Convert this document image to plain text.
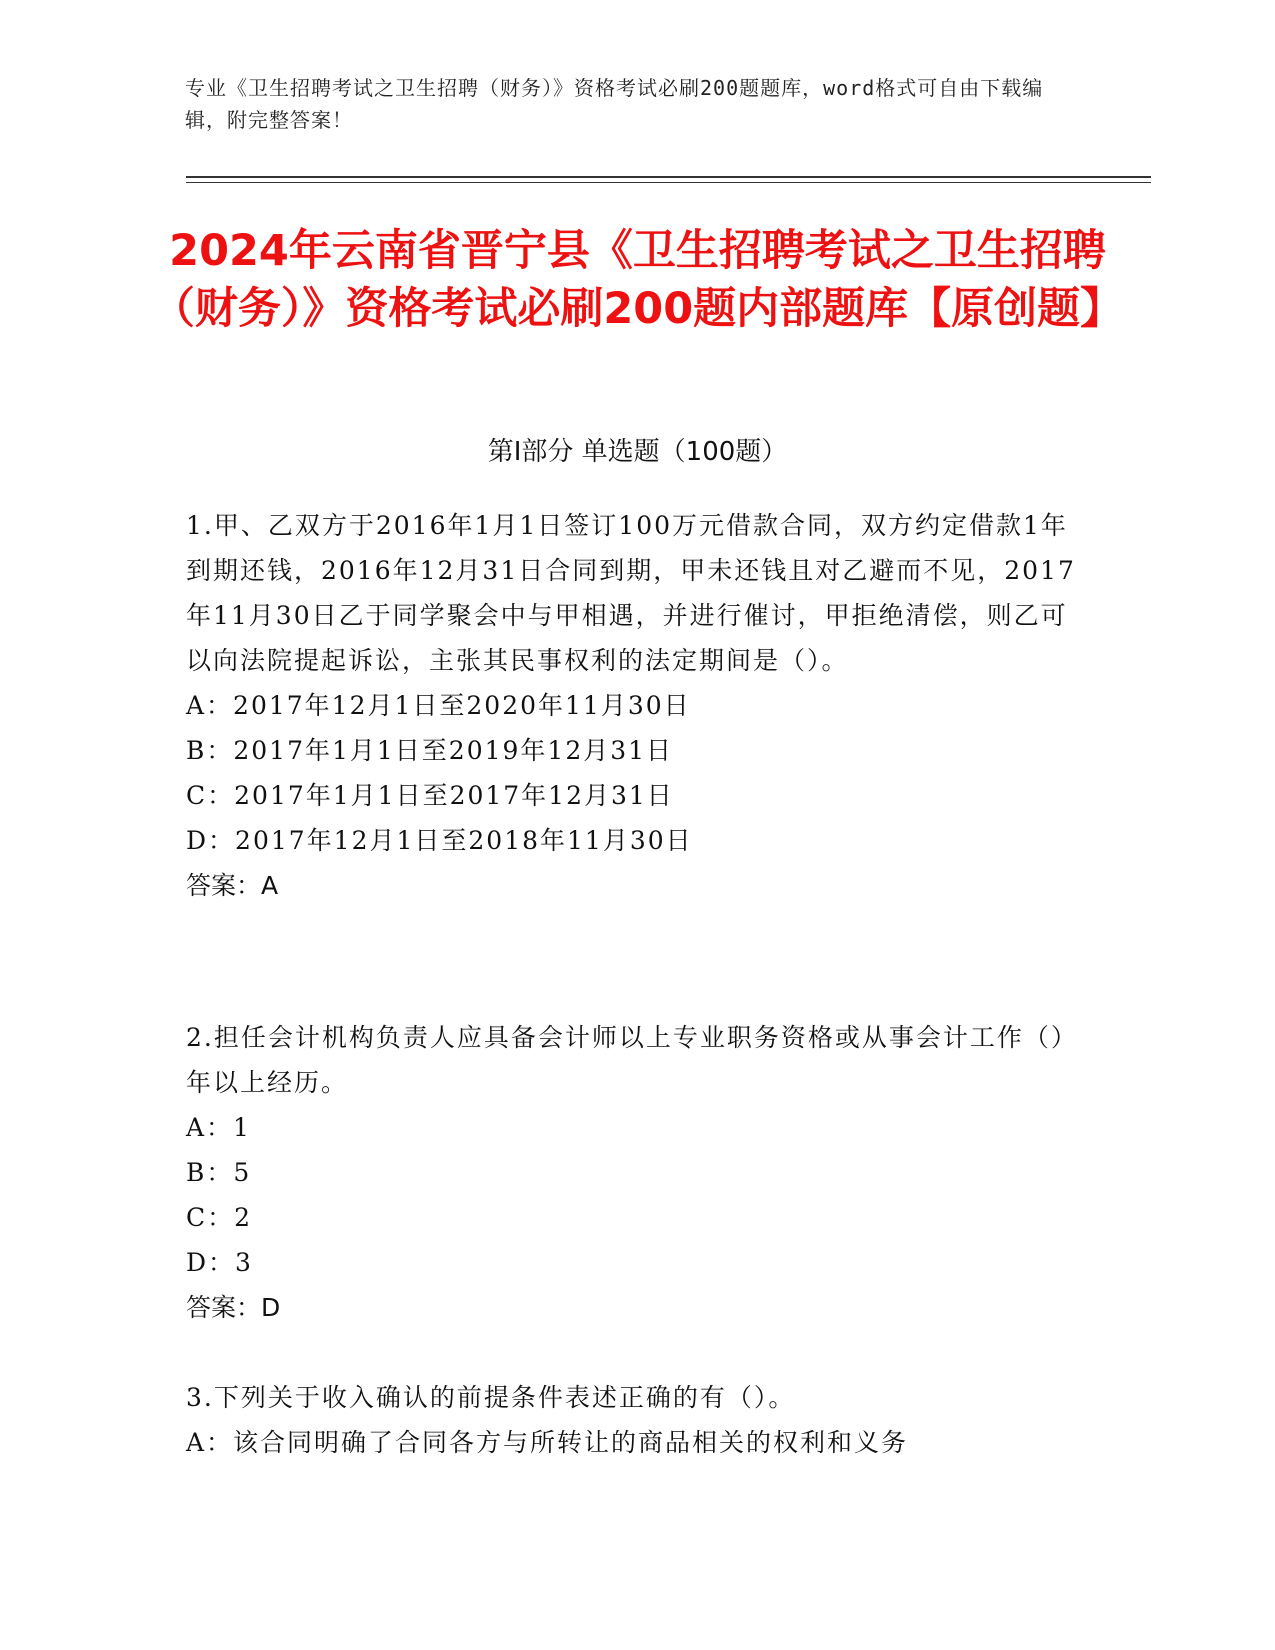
专业《卫生招聘考试之卫生招聘（财务）》资格考试必刷200题题库，word格式可自由下载编辑，附完整答案！
2024年云南省晋宁县《卫生招聘考试之卫生招聘（财务）》资格考试必刷200题内部题库【原创题】
第I部分 单选题（100题）

1.甲、乙双方于2016年1月1日签订100万元借款合同，双方约定借款1年到期还钱，2016年12月31日合同到期，甲未还钱且对乙避而不见，2017年11月30日乙于同学聚会中与甲相遇，并进行催讨，甲拒绝清偿，则乙可以向法院提起诉讼，主张其民事权利的法定期间是（）。

A：2017年12月1日至2020年11月30日

B：2017年1月1日至2019年12月31日

C：2017年1月1日至2017年12月31日

D：2017年12月1日至2018年11月30日

答案：A

2.担任会计机构负责人应具备会计师以上专业职务资格或从事会计工作（）年以上经历。

A：1

B：5

C：2

D：3

答案：D

3.下列关于收入确认的前提条件表述正确的有（）。

A：该合同明确了合同各方与所转让的商品相关的权利和义务
